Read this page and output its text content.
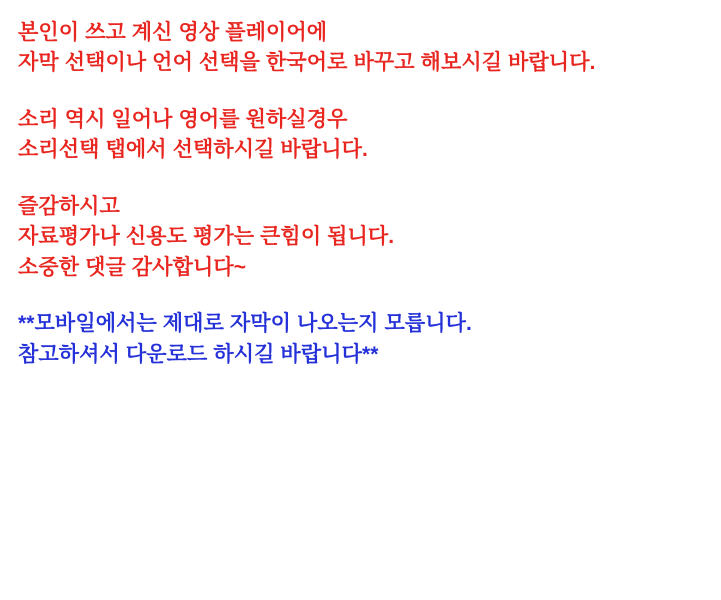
본인이 쓰고 계신 영상 플레이어에
자막 선택이나 언어 선택을 한국어로 바꾸고 해보시길 바랍니다.
소리 역시 일어나 영어를 원하실경우
소리선택 탭에서 선택하시길 바랍니다.
즐감하시고
자료평가나 신용도 평가는 큰힘이 됩니다.
소중한 댓글 감사합니다~
**모바일에서는 제대로 자막이 나오는지 모릅니다.
참고하셔서 다운로드 하시길 바랍니다**
